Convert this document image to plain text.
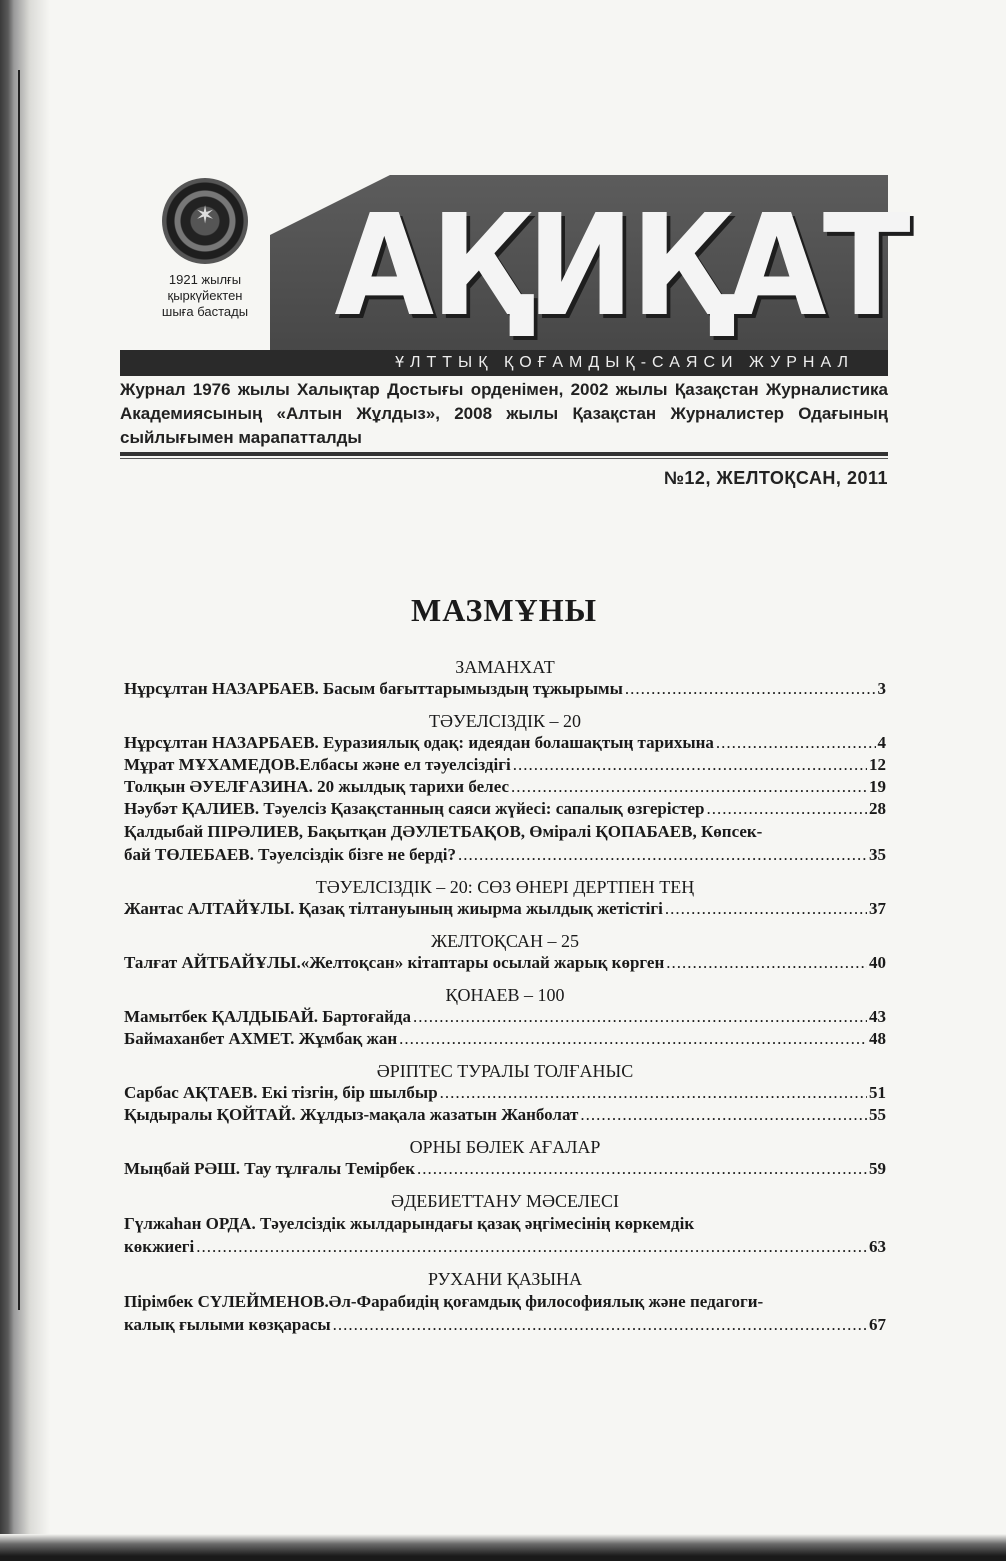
✶
1921 жылғы
қыркүйектен
шыға бастады АҚИҚАТ
ҰЛТТЫҚ ҚОҒАМДЫҚ-САЯСИ ЖУРНАЛ
Журнал 1976 жылы Халықтар Достығы орденімен, 2002 жылы Қазақстан Журналистика Академиясының «Алтын Жұлдыз», 2008 жылы Қазақстан Журналистер Одағының сыйлығымен марапатталды
№12, ЖЕЛТОҚСАН, 2011
МАЗМҰНЫ
ЗАМАНХАТ
Нұрсұлтан НАЗАРБАЕВ. Басым бағыттарымыздың тұжырымы .....	3
ТӘУЕЛСІЗДІК – 20
Нұрсұлтан НАЗАРБАЕВ. Еуразиялық одақ: идеядан болашақтың тарихына .....	4
Мұрат МҰХАМЕДОВ.Елбасы және ел тәуелсіздігі .....	12
Толқын ӘУЕЛҒАЗИНА. 20 жылдық тарихи белес .....	19
Нәубәт ҚАЛИЕВ. Тәуелсіз Қазақстанның саяси жүйесі: сапалық өзгерістер .....	28
Қалдыбай ПІРӘЛИЕВ, Бақытқан ДӘУЛЕТБАҚОВ, Өміралі ҚОПАБАЕВ, Көпсек-
бай ТӨЛЕБАЕВ. Тәуелсіздік бізге не берді? .....	35
ТӘУЕЛСІЗДІК – 20: СӨЗ ӨНЕРІ ДЕРТПЕН ТЕҢ
Жантас АЛТАЙҰЛЫ. Қазақ тілтануының жиырма жылдық жетістігі .....	37
ЖЕЛТОҚСАН – 25
Талғат АЙТБАЙҰЛЫ.«Желтоқсан» кітаптары осылай жарық көрген .....	40
ҚОНАЕВ – 100
Мамытбек ҚАЛДЫБАЙ. Бартоғайда .....	43
Баймаханбет АХМЕТ. Жұмбақ жан .....	48
ӘРІПТЕС ТУРАЛЫ ТОЛҒАНЫС
Сарбас АҚТАЕВ. Екі тізгін, бір шылбыр .....	51
Қыдыралы ҚОЙТАЙ. Жұлдыз-мақала жазатын Жанболат .....	55
ОРНЫ БӨЛЕК АҒАЛАР
Мыңбай РӘШ. Тау тұлғалы Темірбек .....	59
ӘДЕБИЕТТАНУ МӘСЕЛЕСІ
Гүлжаһан ОРДА. Тәуелсіздік жылдарындағы қазақ әңгімесінің көркемдік
көкжиегі .....	63
РУХАНИ ҚАЗЫНА
Пірімбек СҮЛЕЙМЕНОВ.Әл-Фарабидің қоғамдық философиялық және педагоги-
калық ғылыми көзқарасы .....	67
